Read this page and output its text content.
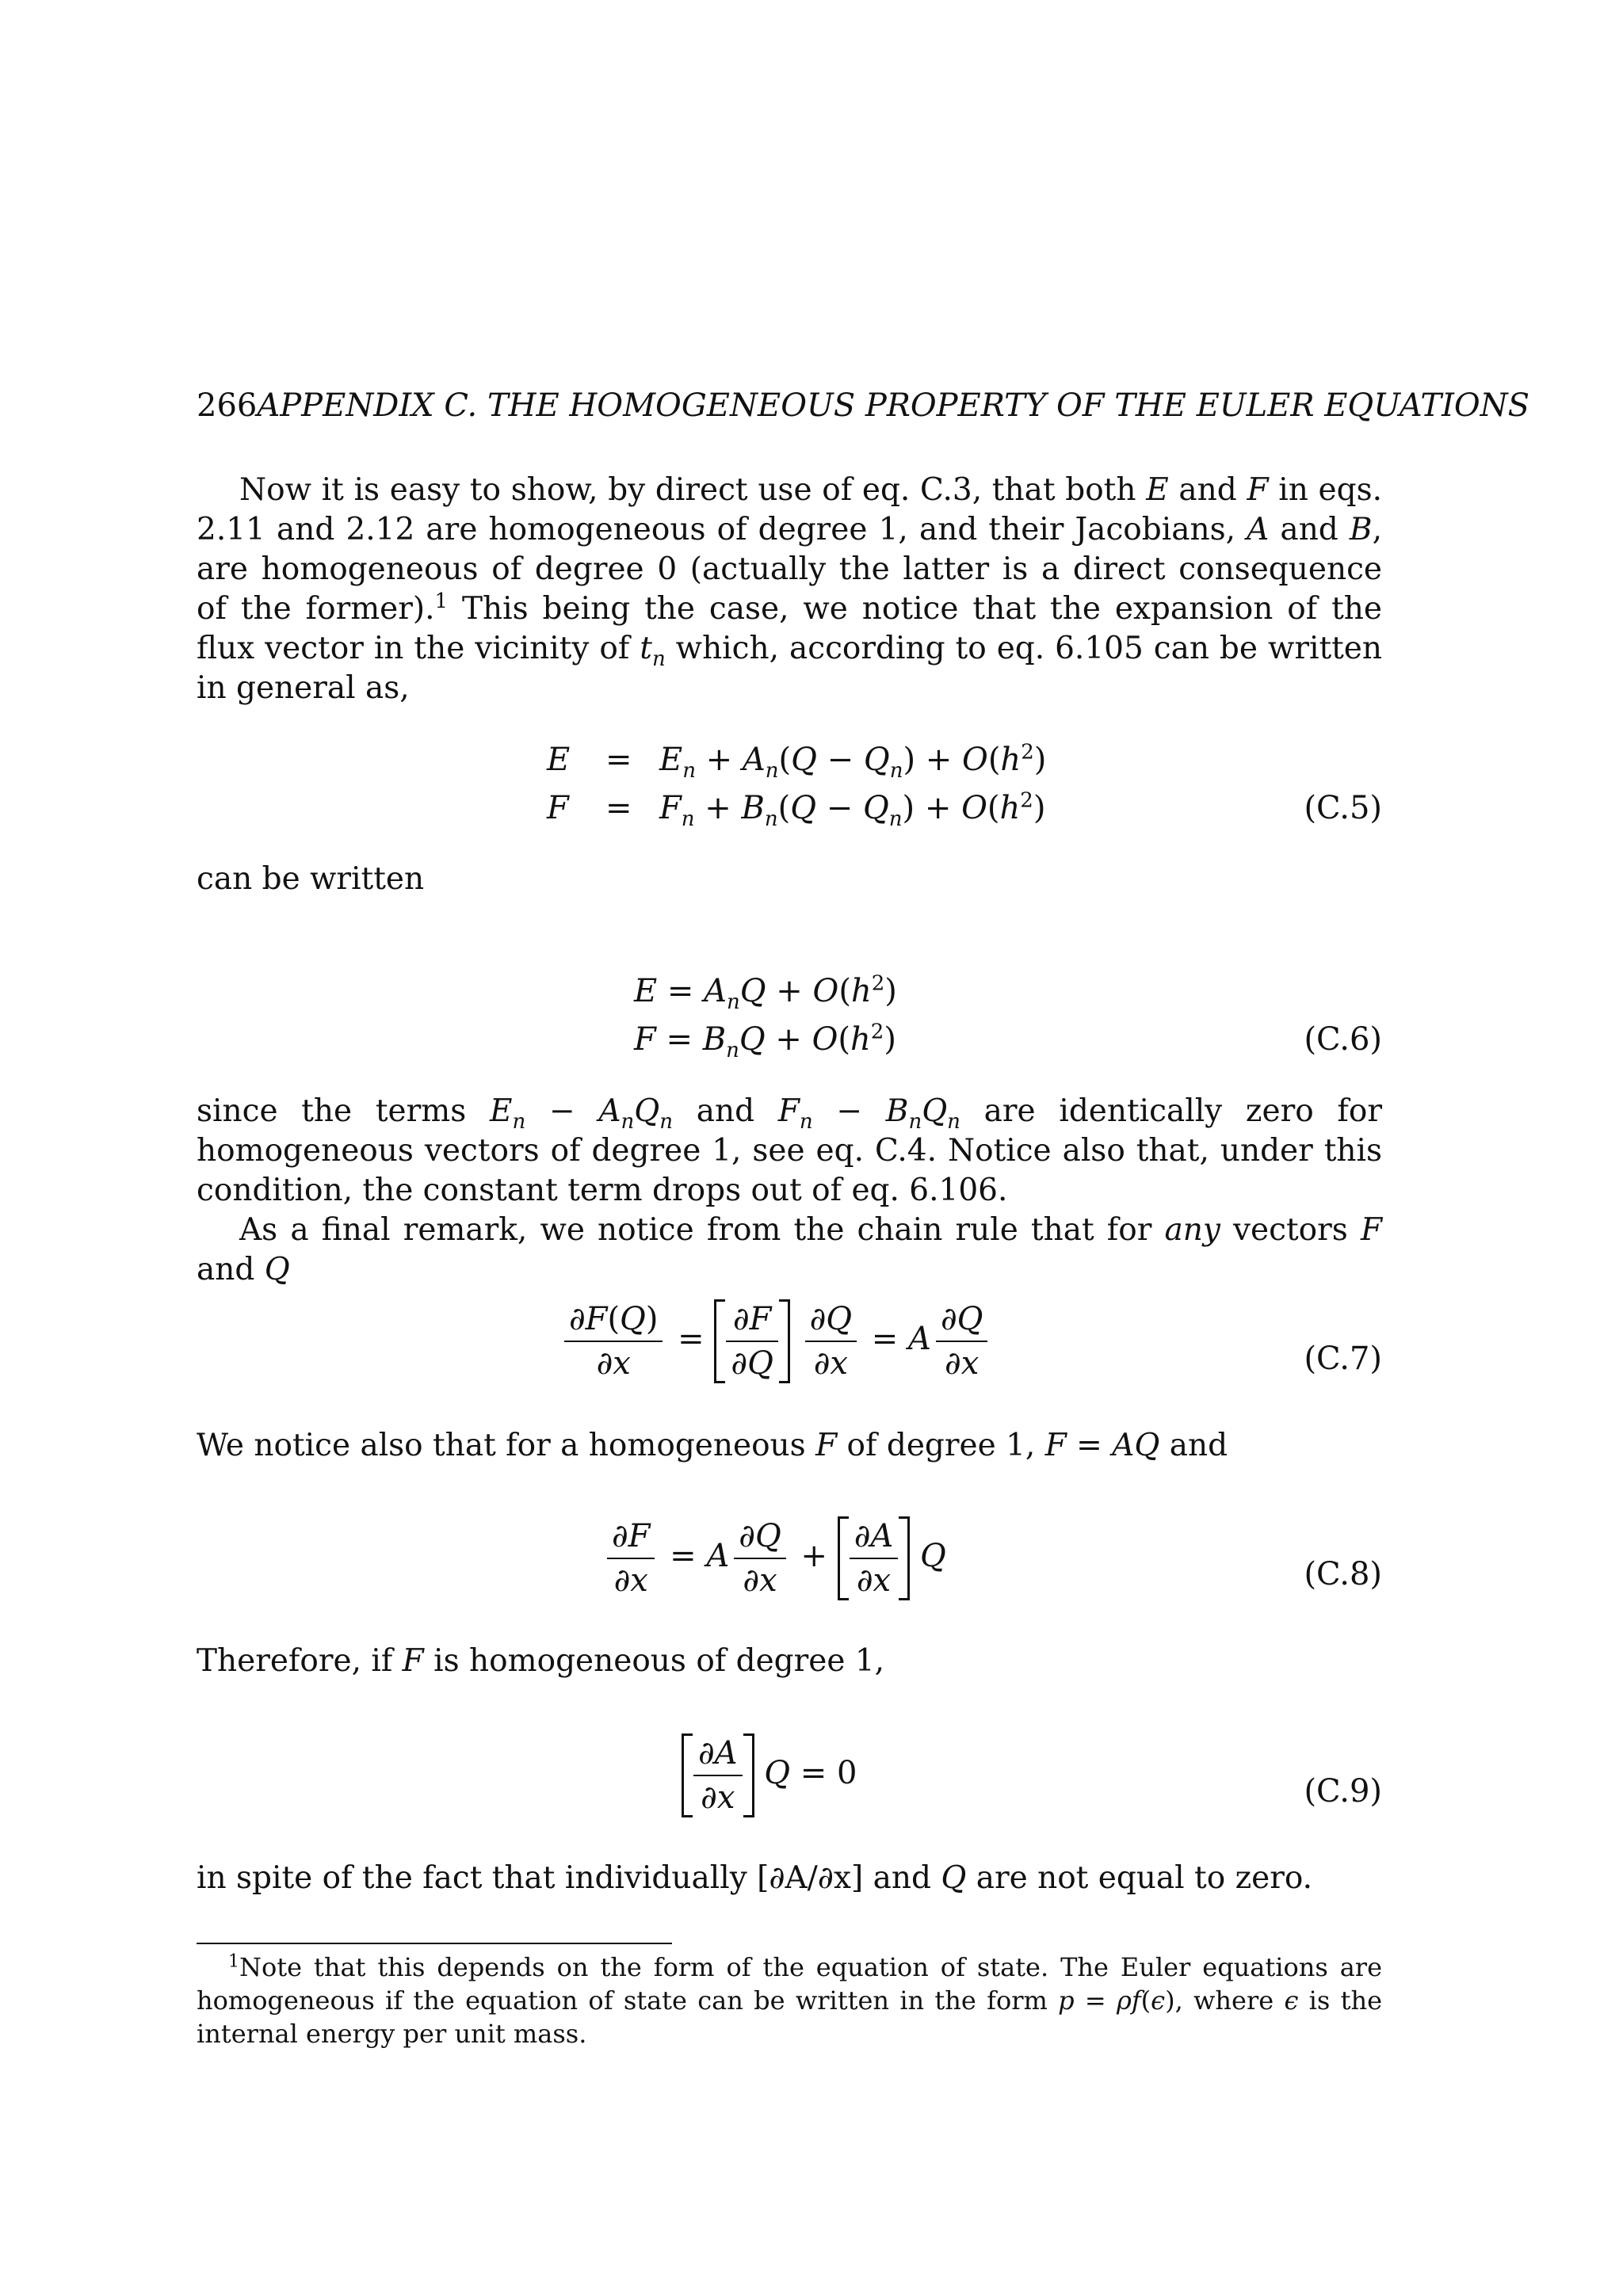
266APPENDIX C. THE HOMOGENEOUS PROPERTY OF THE EULER EQUATIONS
Now it is easy to show, by direct use of eq. C.3, that both E and F in eqs. 2.11 and 2.12 are homogeneous of degree 1, and their Jacobians, A and B, are homogeneous of degree 0 (actually the latter is a direct consequence of the former).$^1$ This being the case, we notice that the expansion of the flux vector in the vicinity of $t_n$ which, according to eq. 6.105 can be written in general as,
$E = E_n + A_n(Q - Q_n) + O(h^2)$
$F = F_n + B_n(Q - Q_n) + O(h^2)$	(C.5)
can be written
$E = A_nQ + O(h^2)$
$F = B_nQ + O(h^2)$	(C.6)
since the terms $E_n - A_nQ_n$ and $F_n - B_nQ_n$ are identically zero for homogeneous vectors of degree 1, see eq. C.4. Notice also that, under this condition, the constant term drops out of eq. 6.106.
As a final remark, we notice from the chain rule that for any vectors F and Q
$\frac{\partial F(Q)}{\partial x} = \frac{\partial F}{\partial Q}$
$\frac{\partial Q}{\partial x} = A \frac{\partial Q}{\partial x}$	(C.7)
We notice also that for a homogeneous F of degree 1, F = AQ and
$\frac{\partial F}{\partial x} = A \frac{\partial Q}{\partial x} + \frac{\partial A}{\partial x}$ Q	(C.8)
Therefore, if F is homogeneous of degree 1,
$\frac{\partial A}{\partial x}$ Q = 0	(C.9)
in spite of the fact that individually [∂A/∂x] and Q are not equal to zero.
$^1$Note that this depends on the form of the equation of state. The Euler equations are homogeneous if the equation of state can be written in the form p = ρf(ϵ), where ϵ is the internal energy per unit mass.
